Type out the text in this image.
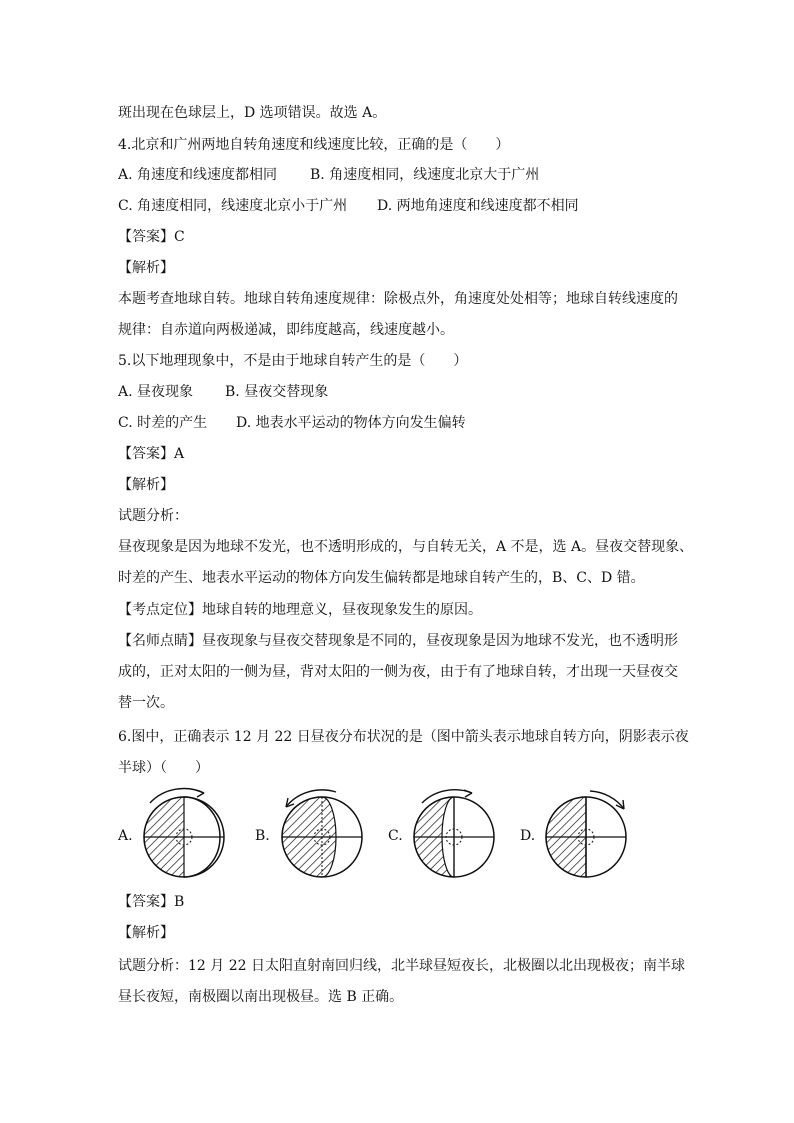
斑出现在色球层上，D 选项错误。故选 A。
4.北京和广州两地自转角速度和线速度比较，正确的是（　　）
A. 角速度和线速度都相同 B. 角速度相同，线速度北京大于广州
C. 角速度相同，线速度北京小于广州 D. 两地角速度和线速度都不相同
【答案】C
【解析】
本题考查地球自转。地球自转角速度规律：除极点外，角速度处处相等；地球自转线速度的
规律：自赤道向两极递减，即纬度越高，线速度越小。
5.以下地理现象中，不是由于地球自转产生的是（　　）
A. 昼夜现象 B. 昼夜交替现象
C. 时差的产生 D. 地表水平运动的物体方向发生偏转
【答案】A
【解析】
试题分析：
昼夜现象是因为地球不发光，也不透明形成的，与自转无关，A 不是，选 A。昼夜交替现象、
时差的产生、地表水平运动的物体方向发生偏转都是地球自转产生的，B、C、D 错。
【考点定位】地球自转的地理意义，昼夜现象发生的原因。
【名师点睛】昼夜现象与昼夜交替现象是不同的，昼夜现象是因为地球不发光，也不透明形
成的，正对太阳的一侧为昼，背对太阳的一侧为夜，由于有了地球自转，才出现一天昼夜交
替一次。
6.图中，正确表示 12 月 22 日昼夜分布状况的是（图中箭头表示地球自转方向，阴影表示夜
半球）（　　）
A.	B.	C.	D.
【答案】B
【解析】
试题分析：12 月 22 日太阳直射南回归线，北半球昼短夜长，北极圈以北出现极夜；南半球
昼长夜短，南极圈以南出现极昼。选 B 正确。
